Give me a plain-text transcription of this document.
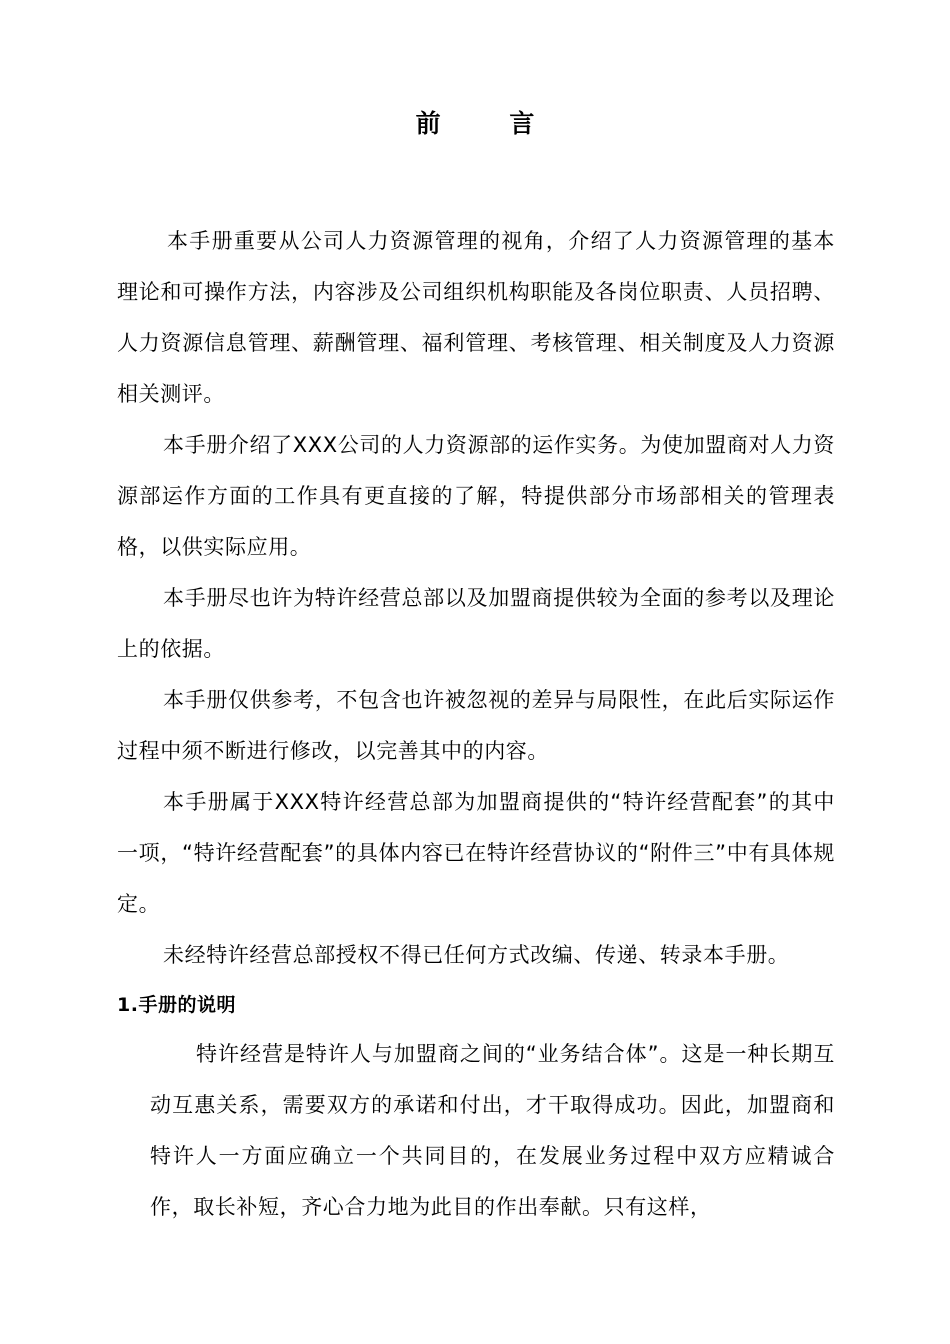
前 言

本手册重要从公司人力资源管理的视角，介绍了人力资源管理的基本理论和可操作方法，内容涉及公司组织机构职能及各岗位职责、人员招聘、人力资源信息管理、薪酬管理、福利管理、考核管理、相关制度及人力资源相关测评。

本手册介绍了XXX公司的人力资源部的运作实务。为使加盟商对人力资源部运作方面的工作具有更直接的了解，特提供部分市场部相关的管理表格，以供实际应用。

本手册尽也许为特许经营总部以及加盟商提供较为全面的参考以及理论上的依据。

本手册仅供参考，不包含也许被忽视的差异与局限性，在此后实际运作过程中须不断进行修改，以完善其中的内容。

本手册属于XXX特许经营总部为加盟商提供的“特许经营配套”的其中一项，“特许经营配套”的具体内容已在特许经营协议的“附件三”中有具体规定。

未经特许经营总部授权不得已任何方式改编、传递、转录本手册。

1.手册的说明

特许经营是特许人与加盟商之间的“业务结合体”。这是一种长期互动互惠关系，需要双方的承诺和付出，才干取得成功。因此，加盟商和特许人一方面应确立一个共同目的，在发展业务过程中双方应精诚合作，取长补短，齐心合力地为此目的作出奉献。只有这样，
